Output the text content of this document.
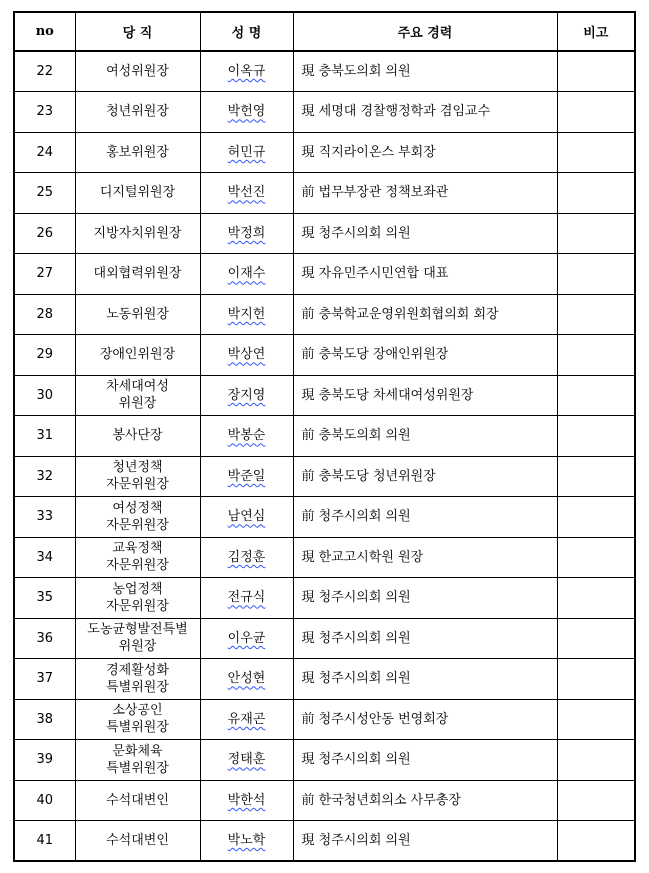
no	당 직	성 명	주요 경력	비고
22	여성위원장	이옥규	現 충북도의회 의원	
23	청년위원장	박헌영	現 세명대 경찰행정학과 겸임교수	
24	홍보위원장	허민규	現 직지라이온스 부회장	
25	디지털위원장	박선진	前 법무부장관 정책보좌관	
26	지방자치위원장	박정희	現 청주시의회 의원	
27	대외협력위원장	이재수	現 자유민주시민연합 대표	
28	노동위원장	박지헌	前 충북학교운영위원회협의회 회장	
29	장애인위원장	박상연	前 충북도당 장애인위원장	
30	차세대여성
위원장	장지영	現 충북도당 차세대여성위원장	
31	봉사단장	박봉순	前 충북도의회 의원	
32	청년정책
자문위원장	박준일	前 충북도당 청년위원장	
33	여성정책
자문위원장	남연심	前 청주시의회 의원	
34	교육정책
자문위원장	김정훈	現 한교고시학원 원장	
35	농업정책
자문위원장	전규식	現 청주시의회 의원	
36	도농균형발전특별
위원장	이우균	現 청주시의회 의원	
37	경제활성화
특별위원장	안성현	現 청주시의회 의원	
38	소상공인
특별위원장	유재곤	前 청주시성안동 번영회장	
39	문화체육
특별위원장	정태훈	現 청주시의회 의원	
40	수석대변인	박한석	前 한국청년회의소 사무총장	
41	수석대변인	박노학	現 청주시의회 의원	
